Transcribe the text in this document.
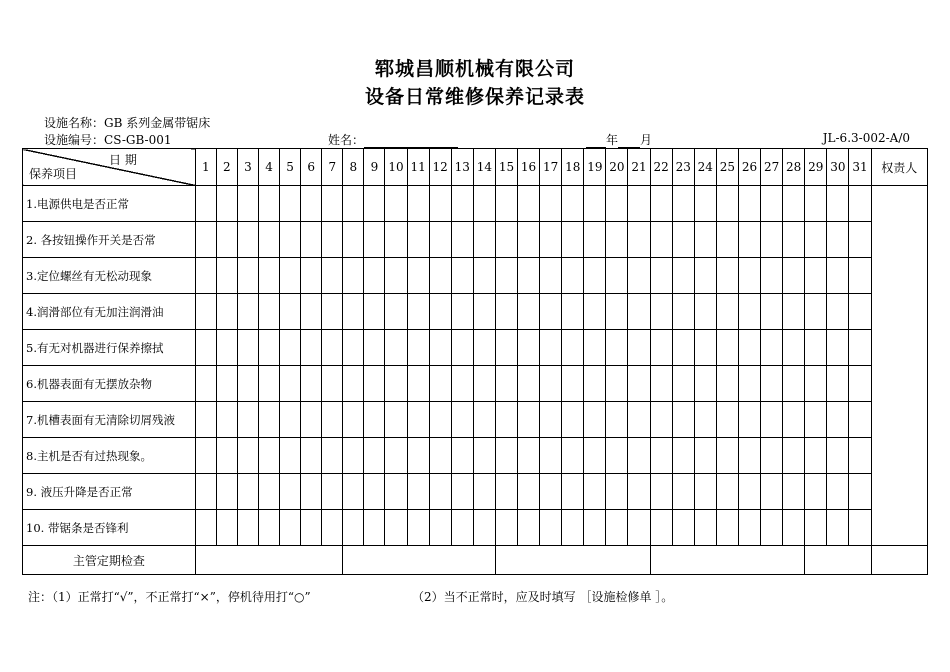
郓城昌顺机械有限公司
设备日常维修保养记录表
设施名称：GB 系列金属带锯床
设施编号：CS-GB-001	姓名：	年 月	JL-6.3-002-A/0
日 期
保养项目	1	2	3	4	5	6	7	8	9	10	11	12	13	14	15	16	17	18	19	20	21	22	23	24	25	26	27	28	29	30	31	权责人
1.电源供电是否正常																																
2. 各按钮操作开关是否常																																
3.定位螺丝有无松动现象																																
4.润滑部位有无加注润滑油																																
5.有无对机器进行保养擦拭																																
6.机器表面有无摆放杂物																																
7.机槽表面有无清除切屑残液																																
8.主机是否有过热现象。																																
9. 液压升降是否正常																																
10. 带锯条是否锋利																																
主管定期检查																																
注：（1）正常打“√”，不正常打“×”，停机待用打“○”	（2）当不正常时，应及时填写 ［设施检修单 ］。
